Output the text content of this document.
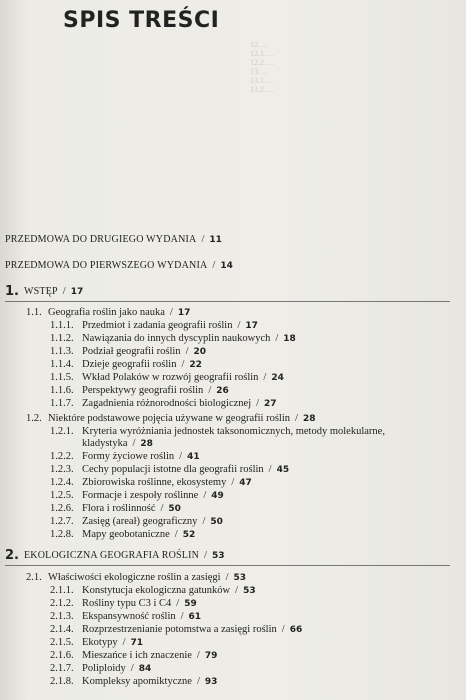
12. ...
12.1. ...
12.2. ...
13. ...
13.1. ...
13.2. ...
SPIS TREŚCI
PRZEDMOWA DO DRUGIEGO WYDANIA / 11
PRZEDMOWA DO PIERWSZEGO WYDANIA / 14
1. WSTĘP / 17
1.1. Geografia roślin jako nauka / 17
1.1.1. Przedmiot i zadania geografii roślin / 17
1.1.2. Nawiązania do innych dyscyplin naukowych / 18
1.1.3. Podział geografii roślin / 20
1.1.4. Dzieje geografii roślin / 22
1.1.5. Wkład Polaków w rozwój geografii roślin / 24
1.1.6. Perspektywy geografii roślin / 26
1.1.7. Zagadnienia różnorodności biologicznej / 27
1.2. Niektóre podstawowe pojęcia używane w geografii roślin / 28
1.2.1. Kryteria wyróżniania jednostek taksonomicznych, metody molekularne,
kladystyka / 28
1.2.2. Formy życiowe roślin / 41
1.2.3. Cechy populacji istotne dla geografii roślin / 45
1.2.4. Zbiorowiska roślinne, ekosystemy / 47
1.2.5. Formacje i zespoły roślinne / 49
1.2.6. Flora i roślinność / 50
1.2.7. Zasięg (areał) geograficzny / 50
1.2.8. Mapy geobotaniczne / 52
2. EKOLOGICZNA GEOGRAFIA ROŚLIN / 53
2.1. Właściwości ekologiczne roślin a zasięgi / 53
2.1.1. Konstytucja ekologiczna gatunków / 53
2.1.2. Rośliny typu C3 i C4 / 59
2.1.3. Ekspansywność roślin / 61
2.1.4. Rozprzestrzenianie potomstwa a zasięgi roślin / 66
2.1.5. Ekotypy / 71
2.1.6. Mieszańce i ich znaczenie / 79
2.1.7. Poliploidy / 84
2.1.8. Kompleksy apomiktyczne / 93
